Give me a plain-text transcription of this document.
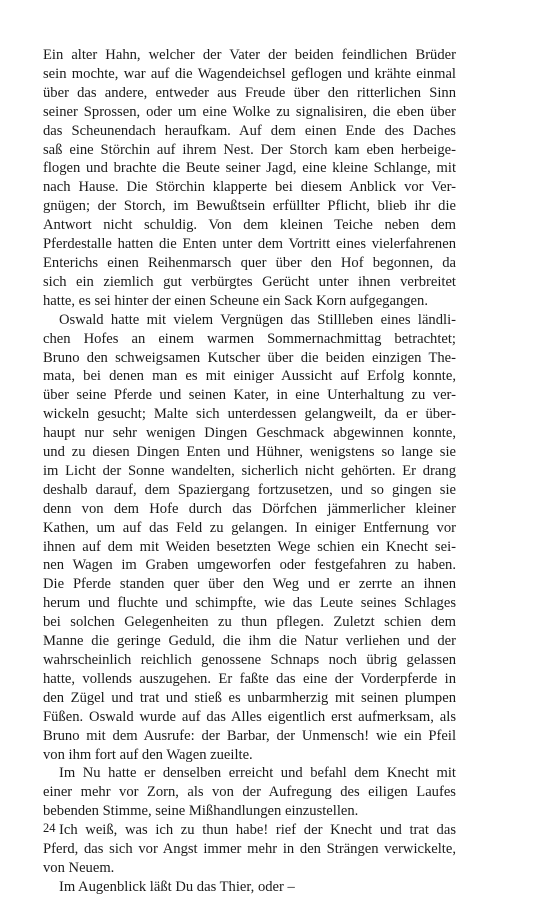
Ein alter Hahn, welcher der Vater der beiden feindlichen Brüder
sein mochte, war auf die Wagendeichsel geflogen und krähte einmal
über das andere, entweder aus Freude über den ritterlichen Sinn
seiner Sprossen, oder um eine Wolke zu signalisiren, die eben über
das Scheunendach heraufkam. Auf dem einen Ende des Daches
saß eine Störchin auf ihrem Nest. Der Storch kam eben herbeige-
flogen und brachte die Beute seiner Jagd, eine kleine Schlange, mit
nach Hause. Die Störchin klapperte bei diesem Anblick vor Ver-
gnügen; der Storch, im Bewußtsein erfüllter Pflicht, blieb ihr die
Antwort nicht schuldig. Von dem kleinen Teiche neben dem
Pferdestalle hatten die Enten unter dem Vortritt eines vielerfahrenen
Enterichs einen Reihenmarsch quer über den Hof begonnen, da
sich ein ziemlich gut verbürgtes Gerücht unter ihnen verbreitet
hatte, es sei hinter der einen Scheune ein Sack Korn aufgegangen.
Oswald hatte mit vielem Vergnügen das Stillleben eines ländli-
chen Hofes an einem warmen Sommernachmittag betrachtet;
Bruno den schweigsamen Kutscher über die beiden einzigen The-
mata, bei denen man es mit einiger Aussicht auf Erfolg konnte,
über seine Pferde und seinen Kater, in eine Unterhaltung zu ver-
wickeln gesucht; Malte sich unterdessen gelangweilt, da er über-
haupt nur sehr wenigen Dingen Geschmack abgewinnen konnte,
und zu diesen Dingen Enten und Hühner, wenigstens so lange sie
im Licht der Sonne wandelten, sicherlich nicht gehörten. Er drang
deshalb darauf, dem Spaziergang fortzusetzen, und so gingen sie
denn von dem Hofe durch das Dörfchen jämmerlicher kleiner
Kathen, um auf das Feld zu gelangen. In einiger Entfernung vor
ihnen auf dem mit Weiden besetzten Wege schien ein Knecht sei-
nen Wagen im Graben umgeworfen oder festgefahren zu haben.
Die Pferde standen quer über den Weg und er zerrte an ihnen
herum und fluchte und schimpfte, wie das Leute seines Schlages
bei solchen Gelegenheiten zu thun pflegen. Zuletzt schien dem
Manne die geringe Geduld, die ihm die Natur verliehen und der
wahrscheinlich reichlich genossene Schnaps noch übrig gelassen
hatte, vollends auszugehen. Er faßte das eine der Vorderpferde in
den Zügel und trat und stieß es unbarmherzig mit seinen plumpen
Füßen. Oswald wurde auf das Alles eigentlich erst aufmerksam, als
Bruno mit dem Ausrufe: der Barbar, der Unmensch! wie ein Pfeil
von ihm fort auf den Wagen zueilte.
Im Nu hatte er denselben erreicht und befahl dem Knecht mit
einer mehr vor Zorn, als von der Aufregung des eiligen Laufes
bebenden Stimme, seine Mißhandlungen einzustellen.
Ich weiß, was ich zu thun habe! rief der Knecht und trat das
Pferd, das sich vor Angst immer mehr in den Strängen verwickelte,
von Neuem.
Im Augenblick läßt Du das Thier, oder –
24
